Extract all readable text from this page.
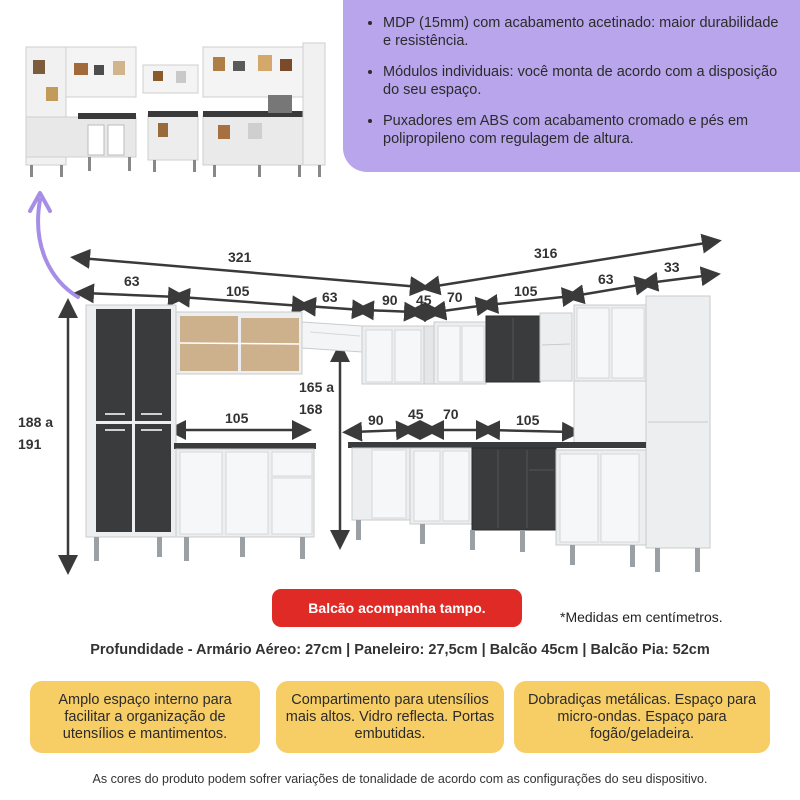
• MDP (15mm) com acabamento acetinado: maior durabilidade e resistência.
• Módulos individuais: você monta de acordo com a disposição do seu espaço.
• Puxadores em ABS com acabamento cromado e pés em polipropileno com regulagem de altura.
321	316
63
105	63	90 45 70	105
63
33
188 a
191
165 a
168
105	90 45 70	105
Balcão acompanha tampo.
*Medidas em centímetros.
Profundidade - Armário Aéreo: 27cm | Paneleiro: 27,5cm | Balcão 45cm | Balcão Pia: 52cm
Amplo espaço interno para facilitar a organização de utensílios e mantimentos.
Compartimento para utensílios mais altos. Vidro reflecta. Portas embutidas.
Dobradiças metálicas. Espaço para micro-ondas. Espaço para fogão/geladeira.
As cores do produto podem sofrer variações de tonalidade de acordo com as configurações do seu dispositivo.
